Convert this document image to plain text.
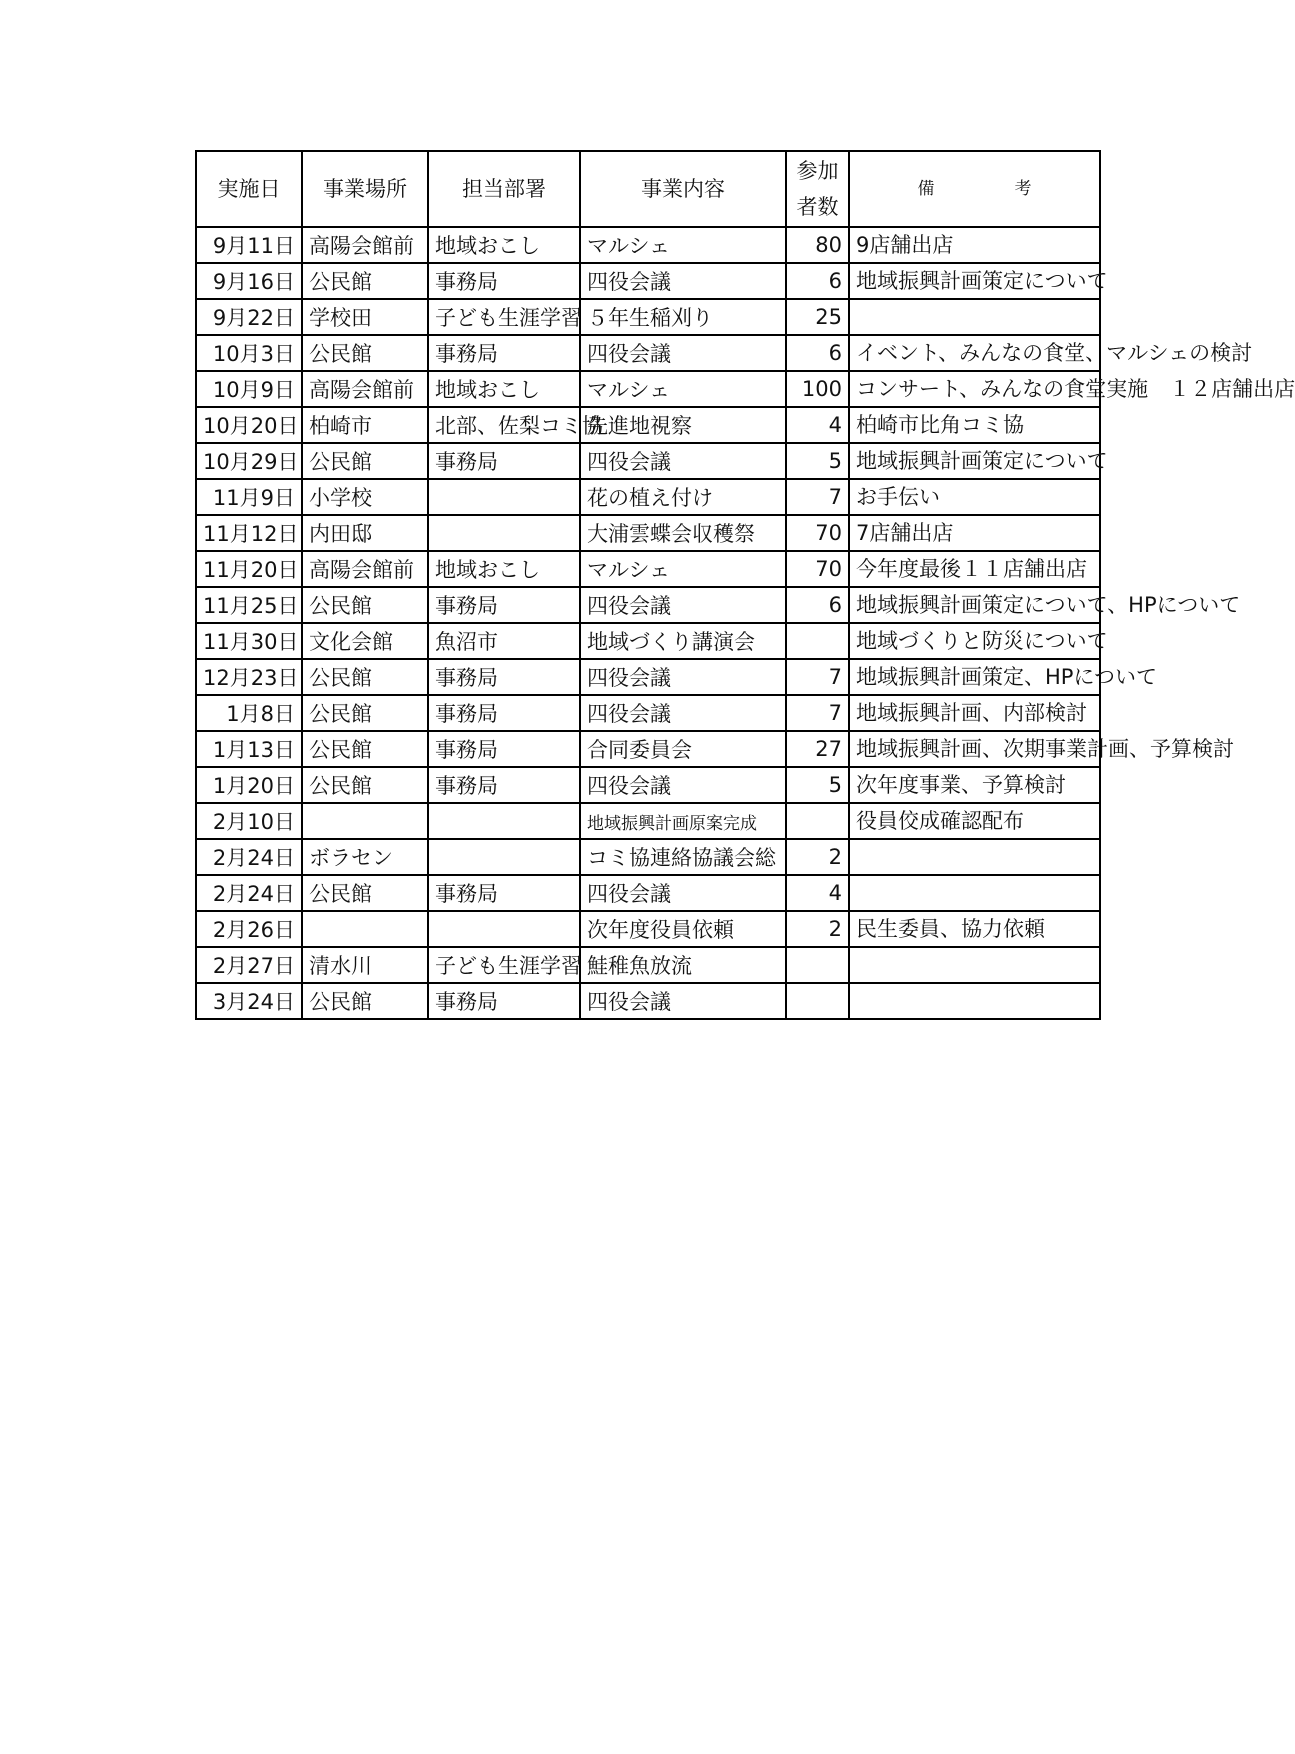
実施日	事業場所	担当部署	事業内容	参加
者数	備 考
9月11日	高陽会館前	地域おこし	マルシェ	80	9店舗出店
9月16日	公民館	事務局	四役会議	6	地域振興計画策定について
9月22日	学校田	子ども生涯学習	５年生稲刈り	25	
10月3日	公民館	事務局	四役会議	6	イベント、みんなの食堂、マルシェの検討
10月9日	高陽会館前	地域おこし	マルシェ	100	コンサート、みんなの食堂実施　１２店舗出店
10月20日	柏崎市	北部、佐梨コミ協	先進地視察	4	柏崎市比角コミ協
10月29日	公民館	事務局	四役会議	5	地域振興計画策定について
11月9日	小学校		花の植え付け	7	お手伝い
11月12日	内田邸		大浦雲蝶会収穫祭	70	7店舗出店
11月20日	高陽会館前	地域おこし	マルシェ	70	今年度最後１１店舗出店
11月25日	公民館	事務局	四役会議	6	地域振興計画策定について、HPについて
11月30日	文化会館	魚沼市	地域づくり講演会		地域づくりと防災について
12月23日	公民館	事務局	四役会議	7	地域振興計画策定、HPについて
1月8日	公民館	事務局	四役会議	7	地域振興計画、内部検討
1月13日	公民館	事務局	合同委員会	27	地域振興計画、次期事業計画、予算検討
1月20日	公民館	事務局	四役会議	5	次年度事業、予算検討
2月10日			地域振興計画原案完成		役員佼成確認配布
2月24日	ボラセン		コミ協連絡協議会総	2	
2月24日	公民館	事務局	四役会議	4	
2月26日			次年度役員依頼	2	民生委員、協力依頼
2月27日	清水川	子ども生涯学習	鮭稚魚放流		
3月24日	公民館	事務局	四役会議		
